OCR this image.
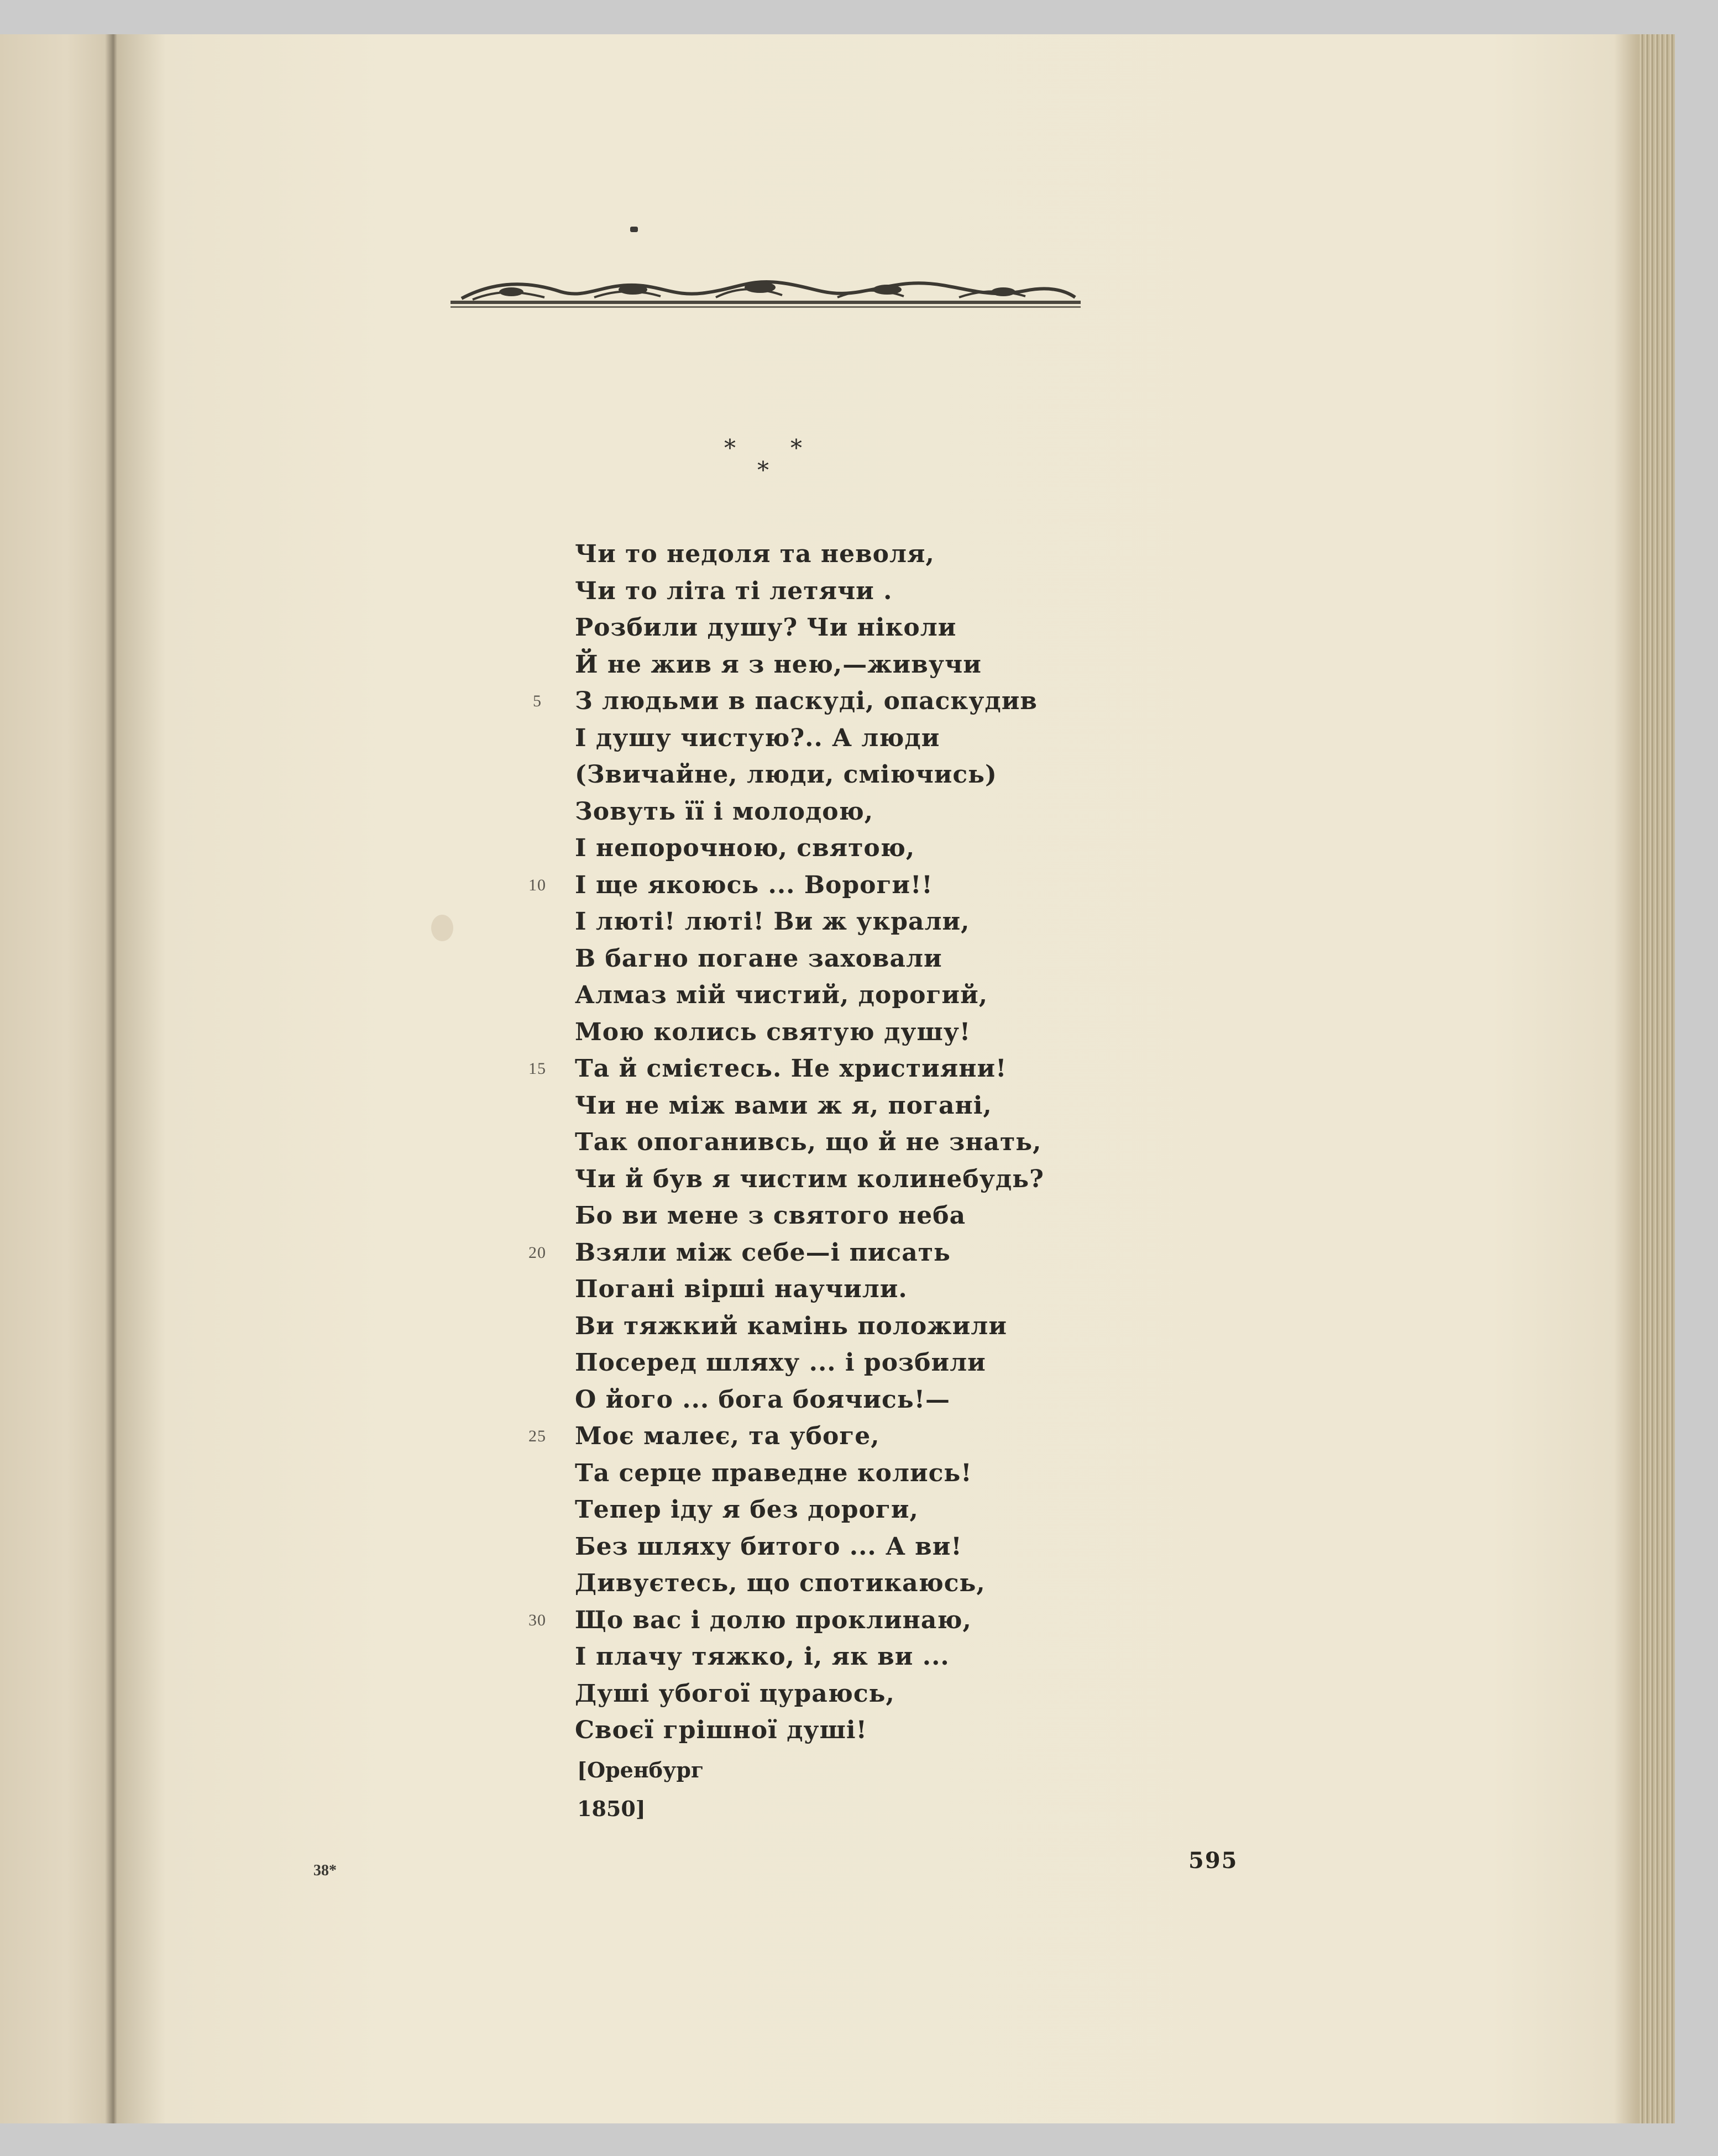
* *
*
Чи то недоля та неволя,
Чи то літа ті летячи .
Розбили душу? Чи ніколи
Й не жив я з нею,—живучи
5	З людьми в паскуді, опаскудив
І душу чистую?.. А люди
(Звичайне, люди, сміючись)
Зовуть її і молодою,
І непорочною, святою,
10	І ще якоюсь ... Вороги!!
І люті! люті! Ви ж украли,
В багно погане заховали
Алмаз мій чистий, дорогий,
Мою колись святую душу!
15	Та й смієтесь. Не християни!
Чи не між вами ж я, погані,
Так опоганивсь, що й не знать,
Чи й був я чистим колинебудь?
Бо ви мене з святого неба
20	Взяли між себе—і писать
Погані вірші научили.
Ви тяжкий камінь положили
Посеред шляху ... і розбили
О його ... бога боячись!—
25	Моє малеє, та убоге,
Та серце праведне колись!
Тепер іду я без дороги,
Без шляху битого ... А ви!
Дивуєтесь, що спотикаюсь,
30	Що вас і долю проклинаю,
І плачу тяжко, і, як ви ...
Душі убогої цураюсь,
Своєї грішної душі!
[Оренбург
1850]
38*	595
